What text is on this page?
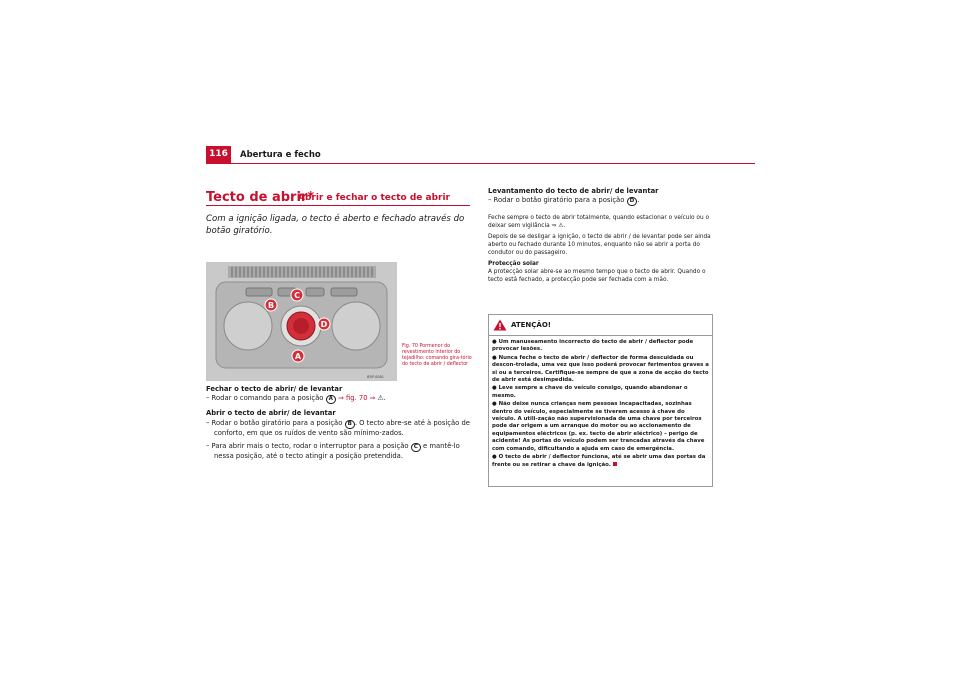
116	Abertura e fecho
Tecto de abrir*
Abrir e fechar o tecto de abrir
Com a ignição ligada, o tecto é aberto e fechado através do botão giratório.
C
B
D
A
B5P-0081
Fig. 70 Pormenor do revestimento interior do tejadilho: comando gira-tório do tecto de abrir / deflector
Fechar o tecto de abrir/ de levantar
– Rodar o comando para a posição A ⇒ fig. 70 ⇒ ⚠.
Abrir o tecto de abrir/ de levantar
– Rodar o botão giratório para a posição B . O tecto abre-se até à posição de conforto, em que os ruídos de vento são mínimo-zados.
– Para abrir mais o tecto, rodar o interruptor para a posição C e mantê-lo nessa posição, até o tecto atingir a posição pretendida.
Levantamento do tecto de abrir/ de levantar
– Rodar o botão giratório para a posição D .
Feche sempre o tecto de abrir totalmente, quando estacionar o veículo ou o deixar sem vigilância ⇒ ⚠.
Depois de se desligar a ignição, o tecto de abrir / de levantar pode ser ainda aberto ou fechado durante 10 minutos, enquanto não se abrir a porta do condutor ou do passageiro.
Protecção solar
A protecção solar abre-se ao mesmo tempo que o tecto de abrir. Quando o tecto está fechado, a protecção pode ser fechada com a mão.
ATENÇÃO!

● Um manuseamento incorrecto do tecto de abrir / deflector pode provocar lesões.

● Nunca feche o tecto de abrir / deflector de forma descuidada ou descon-trolada, uma vez que isso poderá provocar ferimentos graves a si ou a terceiros. Certifique-se sempre de que a zona de acção do tecto de abrir está desimpedida.

● Leve sempre a chave do veículo consigo, quando abandonar o mesmo.

● Não deixe nunca crianças nem pessoas incapacitadas, sozinhas dentro do veículo, especialmente se tiverem acesso à chave do veículo. A utili-zação não supervisionada de uma chave por terceiros pode dar origem a um arranque do motor ou ao accionamento de equipamentos eléctricos (p. ex. tecto de abrir eléctrico) – perigo de acidente! As portas do veículo podem ser trancadas através da chave com comando, dificultando a ajuda em caso de emergência.

● O tecto de abrir / deflector funciona, até se abrir uma das portas da frente ou se retirar a chave da ignição.
